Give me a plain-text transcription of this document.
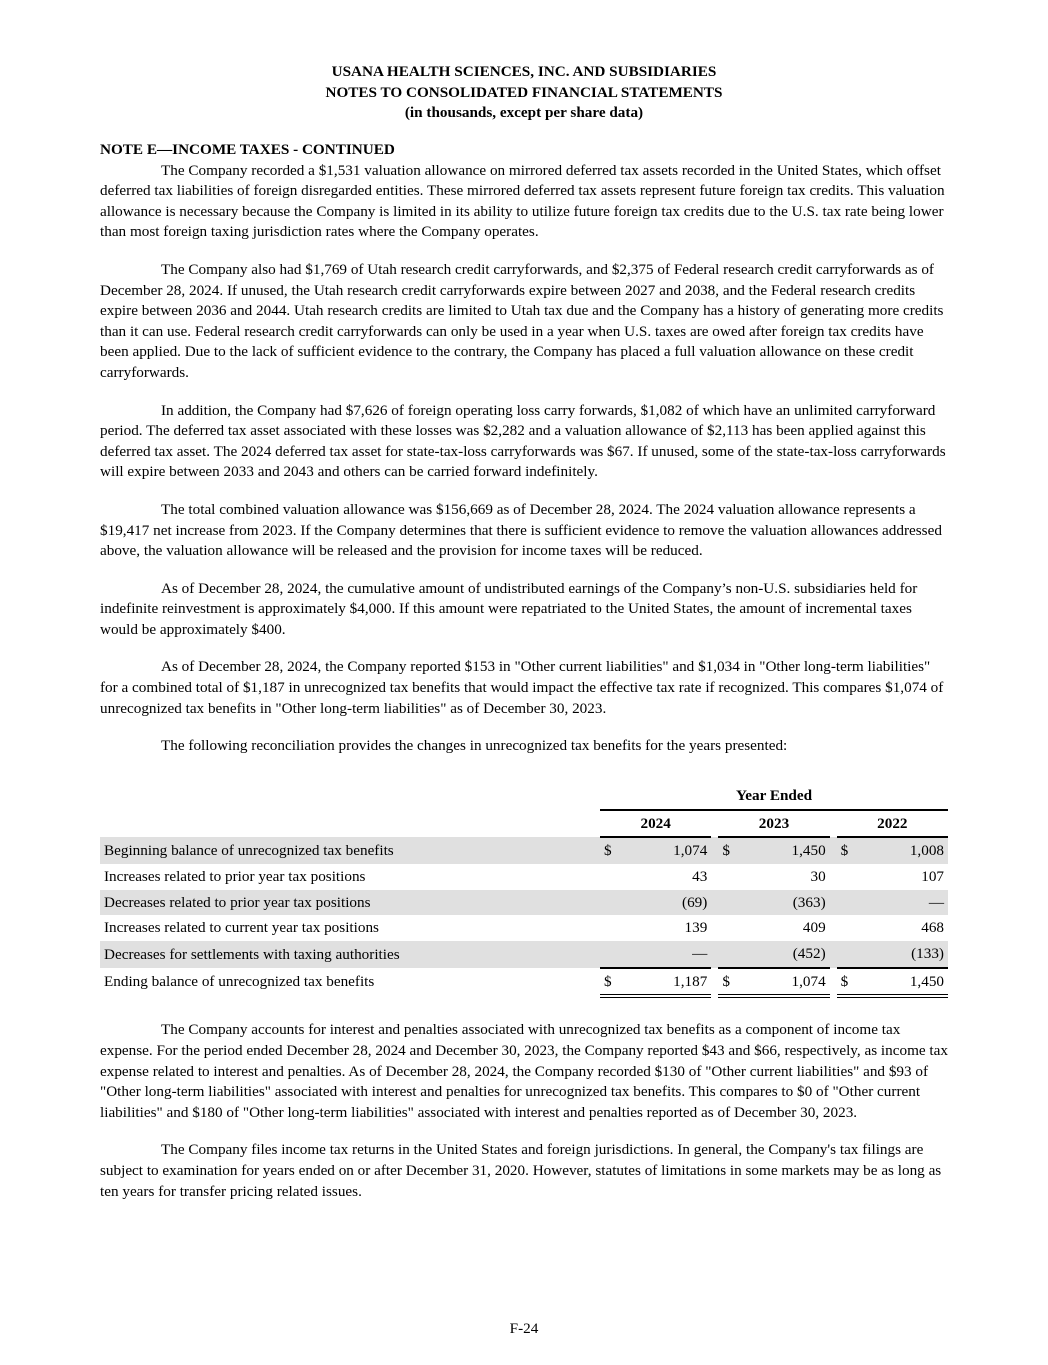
USANA HEALTH SCIENCES, INC. AND SUBSIDIARIES
NOTES TO CONSOLIDATED FINANCIAL STATEMENTS
(in thousands, except per share data)
NOTE E—INCOME TAXES - CONTINUED

The Company recorded a $1,531 valuation allowance on mirrored deferred tax assets recorded in the United States, which offset deferred tax liabilities of foreign disregarded entities. These mirrored deferred tax assets represent future foreign tax credits. This valuation allowance is necessary because the Company is limited in its ability to utilize future foreign tax credits due to the U.S. tax rate being lower than most foreign taxing jurisdiction rates where the Company operates.

The Company also had $1,769 of Utah research credit carryforwards, and $2,375 of Federal research credit carryforwards as of December 28, 2024. If unused, the Utah research credit carryforwards expire between 2027 and 2038, and the Federal research credits expire between 2036 and 2044. Utah research credits are limited to Utah tax due and the Company has a history of generating more credits than it can use. Federal research credit carryforwards can only be used in a year when U.S. taxes are owed after foreign tax credits have been applied. Due to the lack of sufficient evidence to the contrary, the Company has placed a full valuation allowance on these credit carryforwards.

In addition, the Company had $7,626 of foreign operating loss carry forwards, $1,082 of which have an unlimited carryforward period. The deferred tax asset associated with these losses was $2,282 and a valuation allowance of $2,113 has been applied against this deferred tax asset. The 2024 deferred tax asset for state-tax-loss carryforwards was $67. If unused, some of the state-tax-loss carryforwards will expire between 2033 and 2043 and others can be carried forward indefinitely.

The total combined valuation allowance was $156,669 as of December 28, 2024. The 2024 valuation allowance represents a $19,417 net increase from 2023. If the Company determines that there is sufficient evidence to remove the valuation allowances addressed above, the valuation allowance will be released and the provision for income taxes will be reduced.

As of December 28, 2024, the cumulative amount of undistributed earnings of the Company’s non-U.S. subsidiaries held for indefinite reinvestment is approximately $4,000. If this amount were repatriated to the United States, the amount of incremental taxes would be approximately $400.

As of December 28, 2024, the Company reported $153 in "Other current liabilities" and $1,034 in "Other long-term liabilities" for a combined total of $1,187 in unrecognized tax benefits that would impact the effective tax rate if recognized. This compares $1,074 of unrecognized tax benefits in "Other long-term liabilities" as of December 30, 2023.

The following reconciliation provides the changes in unrecognized tax benefits for the years presented:

	Year Ended							
	2024			2023			2022	
Beginning balance of unrecognized tax benefits	$	1,074		$	1,450		$	1,008
Increases related to prior year tax positions		43			30			107
Decreases related to prior year tax positions		(69)			(363)			—
Increases related to current year tax positions		139			409			468
Decreases for settlements with taxing authorities		—			(452)			(133)
Ending balance of unrecognized tax benefits	$	1,187		$	1,074		$	1,450

The Company accounts for interest and penalties associated with unrecognized tax benefits as a component of income tax expense. For the period ended December 28, 2024 and December 30, 2023, the Company reported $43 and $66, respectively, as income tax expense related to interest and penalties. As of December 28, 2024, the Company recorded $130 of "Other current liabilities" and $93 of "Other long-term liabilities" associated with interest and penalties for unrecognized tax benefits. This compares to $0 of "Other current liabilities" and $180 of "Other long-term liabilities" associated with interest and penalties reported as of December 30, 2023.

The Company files income tax returns in the United States and foreign jurisdictions. In general, the Company's tax filings are subject to examination for years ended on or after December 31, 2020. However, statutes of limitations in some markets may be as long as ten years for transfer pricing related issues.

F-24
